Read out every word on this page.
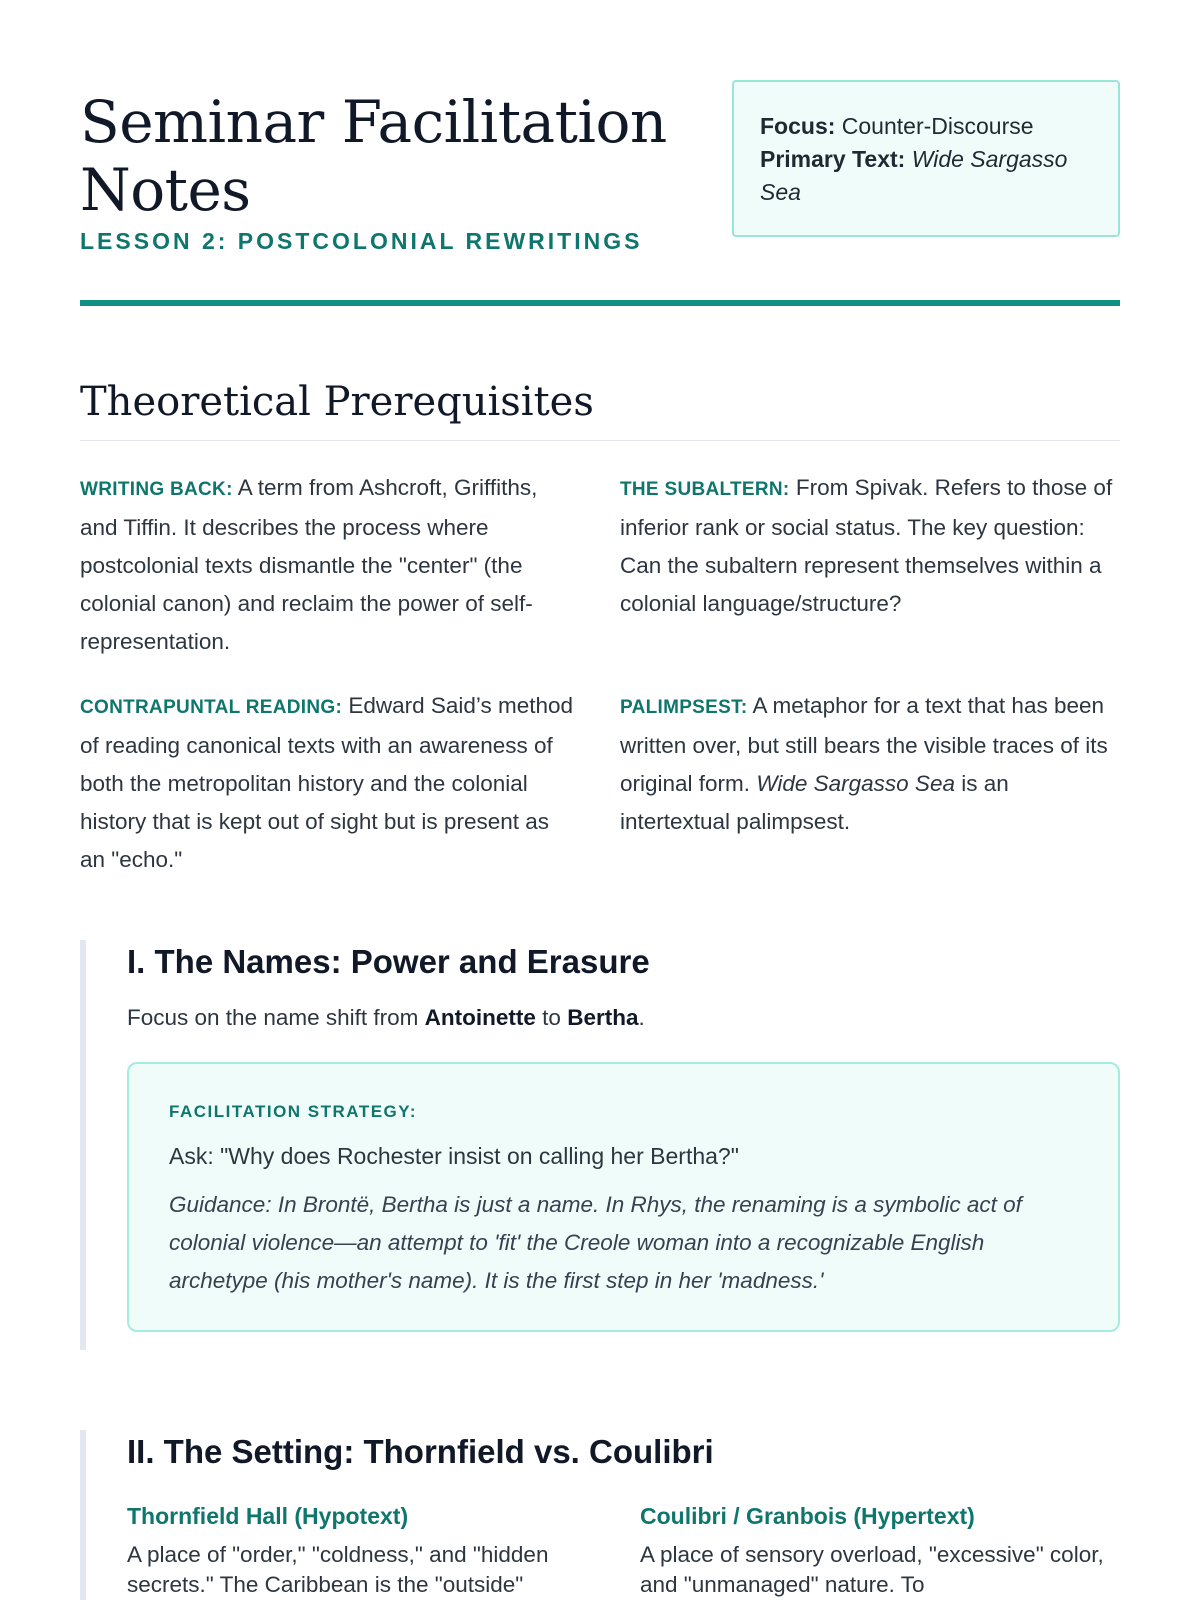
Seminar Facilitation Notes
LESSON 2: POSTCOLONIAL REWRITINGS
Focus: Counter-Discourse
Primary Text: Wide Sargasso Sea
Theoretical Prerequisites

WRITING BACK: A term from Ashcroft, Griffiths, and Tiffin. It describes the process where postcolonial texts dismantle the "center" (the colonial canon) and reclaim the power of self-representation.

THE SUBALTERN: From Spivak. Refers to those of inferior rank or social status. The key question: Can the subaltern represent themselves within a colonial language/structure?

CONTRAPUNTAL READING: Edward Said’s method of reading canonical texts with an awareness of both the metropolitan history and the colonial history that is kept out of sight but is present as an "echo."

PALIMPSEST: A metaphor for a text that has been written over, but still bears the visible traces of its original form. Wide Sargasso Sea is an intertextual palimpsest.

I. The Names: Power and Erasure

Focus on the name shift from Antoinette to Bertha.

FACILITATION STRATEGY:

Ask: "Why does Rochester insist on calling her Bertha?"

Guidance: In Brontë, Bertha is just a name. In Rhys, the renaming is a symbolic act of colonial violence—an attempt to 'fit' the Creole woman into a recognizable English archetype (his mother's name). It is the first step in her 'madness.'

II. The Setting: Thornfield vs. Coulibri
Thornfield Hall (Hypotext)

A place of "order," "coldness," and "hidden secrets." The Caribbean is the "outside"

Coulibri / Granbois (Hypertext)

A place of sensory overload, "excessive" color, and "unmanaged" nature. To
